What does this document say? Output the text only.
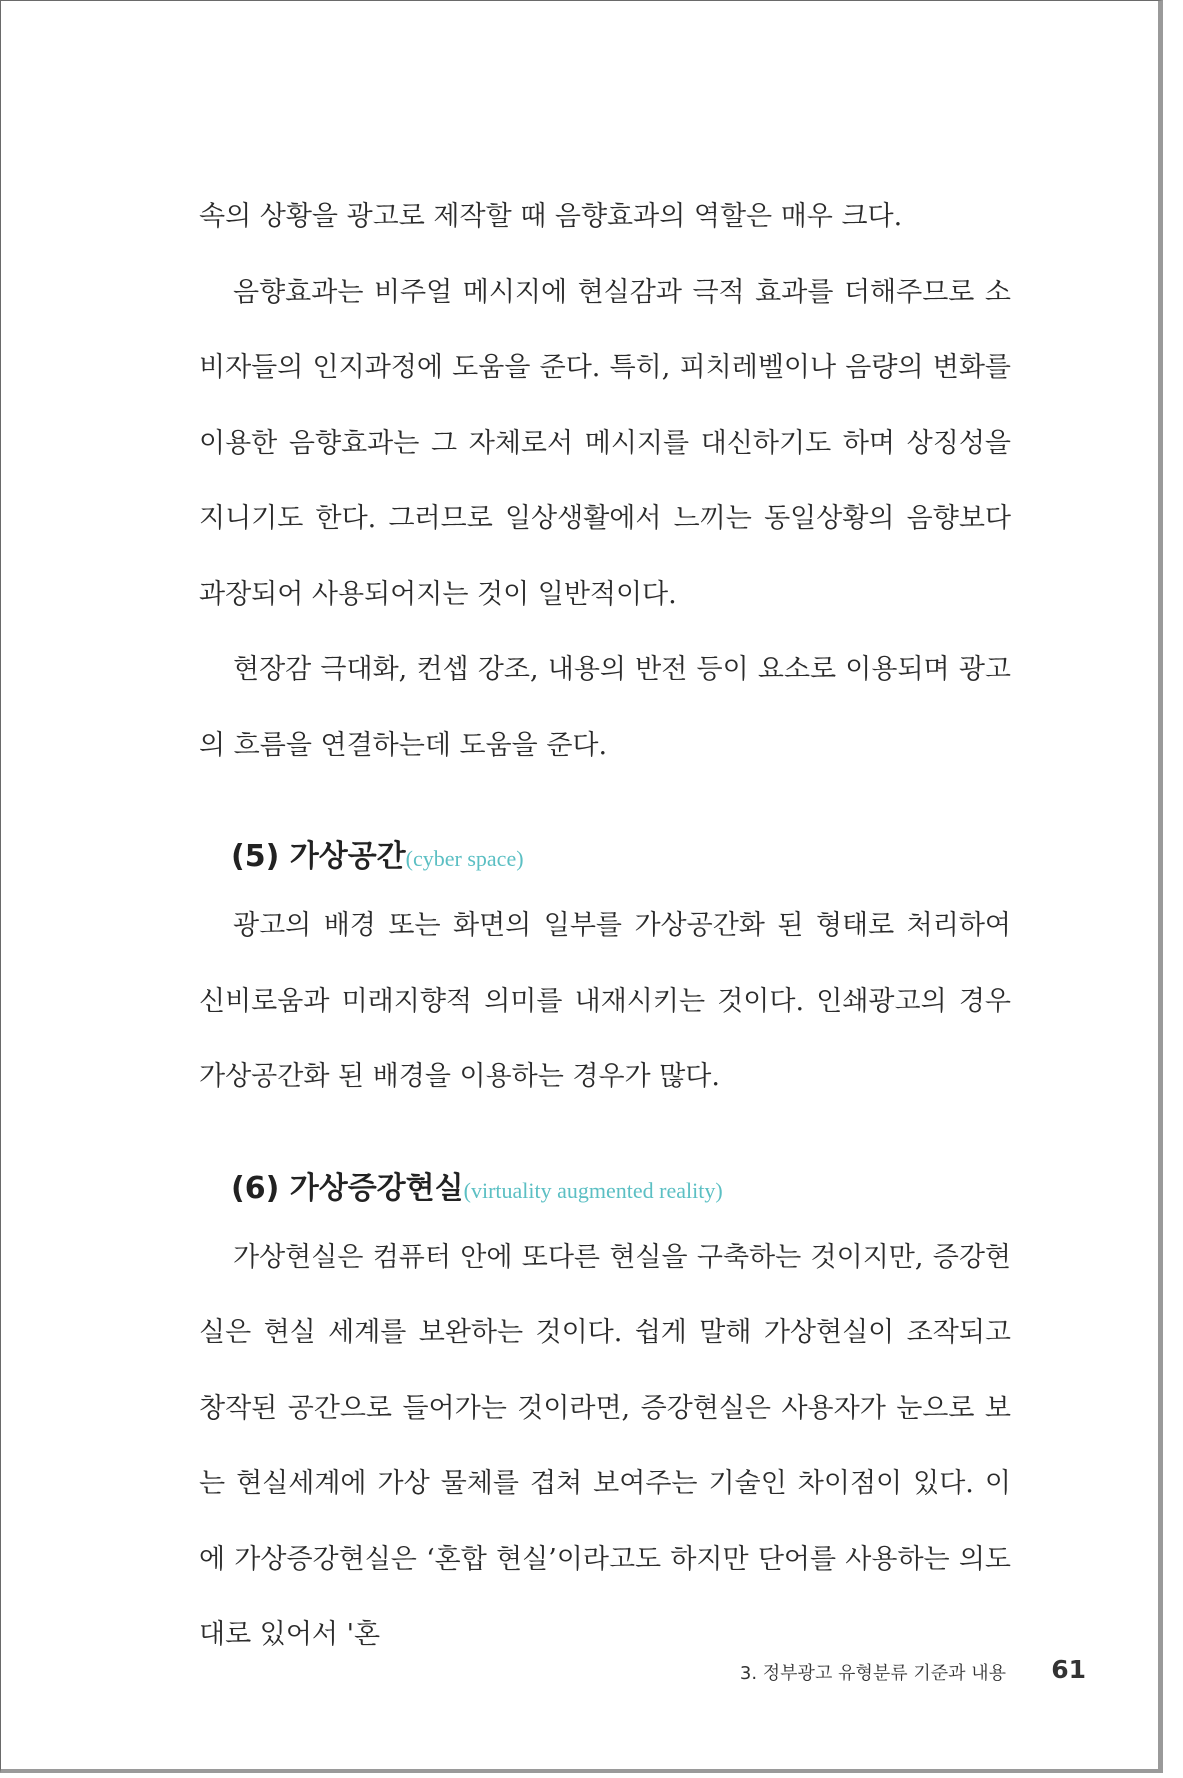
속의 상황을 광고로 제작할 때 음향효과의 역할은 매우 크다.

음향효과는 비주얼 메시지에 현실감과 극적 효과를 더해주므로 소비자들의 인지과정에 도움을 준다. 특히, 피치레벨이나 음량의 변화를 이용한 음향효과는 그 자체로서 메시지를 대신하기도 하며 상징성을 지니기도 한다. 그러므로 일상생활에서 느끼는 동일상황의 음향보다 과장되어 사용되어지는 것이 일반적이다.

현장감 극대화, 컨셉 강조, 내용의 반전 등이 요소로 이용되며 광고의 흐름을 연결하는데 도움을 준다.

(5) 가상공간(cyber space)

광고의 배경 또는 화면의 일부를 가상공간화 된 형태로 처리하여 신비로움과 미래지향적 의미를 내재시키는 것이다. 인쇄광고의 경우 가상공간화 된 배경을 이용하는 경우가 많다.

(6) 가상증강현실(virtuality augmented reality)

가상현실은 컴퓨터 안에 또다른 현실을 구축하는 것이지만, 증강현실은 현실 세계를 보완하는 것이다. 쉽게 말해 가상현실이 조작되고 창작된 공간으로 들어가는 것이라면, 증강현실은 사용자가 눈으로 보는 현실세계에 가상 물체를 겹쳐 보여주는 기술인 차이점이 있다. 이에 가상증강현실은 ‘혼합 현실’이라고도 하지만 단어를 사용하는 의도대로 있어서 '혼

3. 정부광고 유형분류 기준과 내용 61
